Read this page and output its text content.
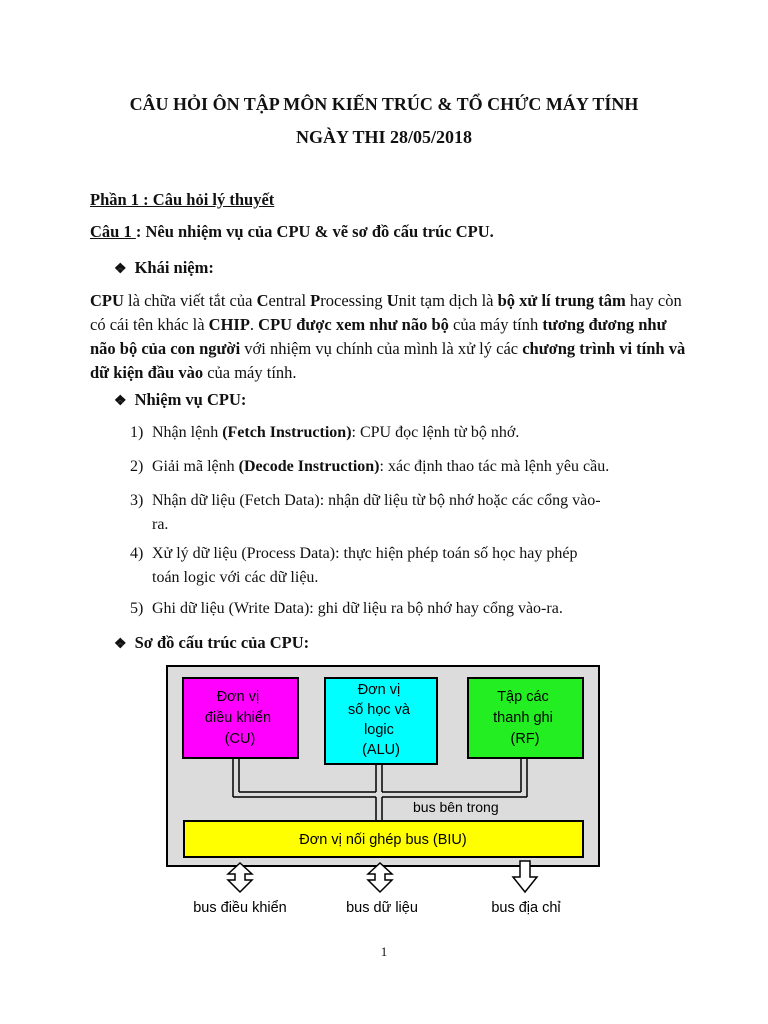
CÂU HỎI ÔN TẬP MÔN KIẾN TRÚC & TỔ CHỨC MÁY TÍNH
NGÀY THI 28/05/2018
Phần 1 : Câu hỏi lý thuyết
Câu 1 : Nêu nhiệm vụ của CPU & vẽ sơ đồ cấu trúc CPU.
❖ Khái niệm:
CPU là chữa viết tắt của Central Processing Unit tạm dịch là bộ xử lí trung tâm hay còn có cái tên khác là CHIP. CPU được xem như não bộ của máy tính tương đương như não bộ của con người với nhiệm vụ chính của mình là xử lý các chương trình vi tính và dữ kiện đầu vào của máy tính.
❖ Nhiệm vụ CPU:
1) Nhận lệnh (Fetch Instruction): CPU đọc lệnh từ bộ nhớ.
2) Giải mã lệnh (Decode Instruction): xác định thao tác mà lệnh yêu cầu.
3) Nhận dữ liệu (Fetch Data): nhận dữ liệu từ bộ nhớ hoặc các cổng vào-
ra.
4) Xử lý dữ liệu (Process Data): thực hiện phép toán số học hay phép
toán logic với các dữ liệu.
5) Ghi dữ liệu (Write Data): ghi dữ liệu ra bộ nhớ hay cổng vào-ra.
❖ Sơ đồ cấu trúc của CPU:
Đơn vị điều khiển (CU)
Đơn vị số học và logic (ALU)
Tập các thanh ghi (RF)
bus bên trong
Đơn vị nối ghép bus (BIU)
bus điều khiển	bus dữ liệu	bus địa chỉ
1
